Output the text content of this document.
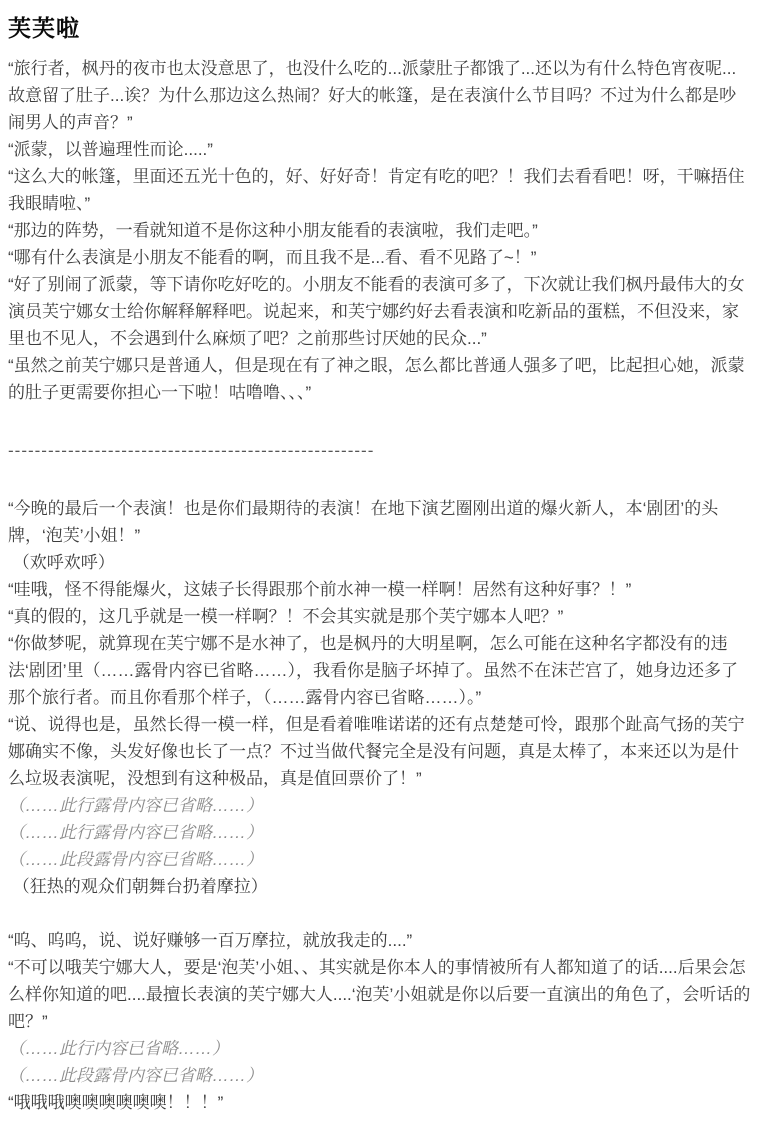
芙芙啦

“旅行者，枫丹的夜市也太没意思了，也没什么吃的...派蒙肚子都饿了...还以为有什么特色宵夜呢...故意留了肚子...诶？为什么那边这么热闹？好大的帐篷，是在表演什么节目吗？不过为什么都是吵闹男人的声音？”

“派蒙，以普遍理性而论.....”

“这么大的帐篷，里面还五光十色的，好、好好奇！肯定有吃的吧？！我们去看看吧！呀，干嘛捂住我眼睛啦、”

“那边的阵势，一看就知道不是你这种小朋友能看的表演啦，我们走吧。”

“哪有什么表演是小朋友不能看的啊，而且我不是...看、看不见路了~！”

“好了别闹了派蒙，等下请你吃好吃的。小朋友不能看的表演可多了，下次就让我们枫丹最伟大的女演员芙宁娜女士给你解释解释吧。说起来，和芙宁娜约好去看表演和吃新品的蛋糕，不但没来，家里也不见人，不会遇到什么麻烦了吧？之前那些讨厌她的民众...”

“虽然之前芙宁娜只是普通人，但是现在有了神之眼，怎么都比普通人强多了吧，比起担心她，派蒙的肚子更需要你担心一下啦！咕噜噜、、、”

-------------------------------------------------------

“今晚的最后一个表演！也是你们最期待的表演！在地下演艺圈刚出道的爆火新人，本‘剧团’的头牌，‘泡芙’小姐！”

（欢呼欢呼）

“哇哦，怪不得能爆火，这婊子长得跟那个前水神一模一样啊！居然有这种好事？！”

“真的假的，这几乎就是一模一样啊？！不会其实就是那个芙宁娜本人吧？”

“你做梦呢，就算现在芙宁娜不是水神了，也是枫丹的大明星啊，怎么可能在这种名字都没有的违法‘剧团’里（……露骨内容已省略……），我看你是脑子坏掉了。虽然不在沫芒宫了，她身边还多了那个旅行者。而且你看那个样子，（……露骨内容已省略……）。”

“说、说得也是，虽然长得一模一样，但是看着唯唯诺诺的还有点楚楚可怜，跟那个趾高气扬的芙宁娜确实不像，头发好像也长了一点？不过当做代餐完全是没有问题，真是太棒了，本来还以为是什么垃圾表演呢，没想到有这种极品，真是值回票价了！”

（……此行露骨内容已省略……）

（……此行露骨内容已省略……）

（……此段露骨内容已省略……）

（狂热的观众们朝舞台扔着摩拉）

“呜、呜呜，说、说好赚够一百万摩拉，就放我走的....”

“不可以哦芙宁娜大人，要是‘泡芙’小姐、、其实就是你本人的事情被所有人都知道了的话....后果会怎么样你知道的吧....最擅长表演的芙宁娜大人....‘泡芙’小姐就是你以后要一直演出的角色了，会听话的吧？”

（……此行内容已省略……）

（……此段露骨内容已省略……）

“哦哦哦噢噢噢噢噢噢！！！”
